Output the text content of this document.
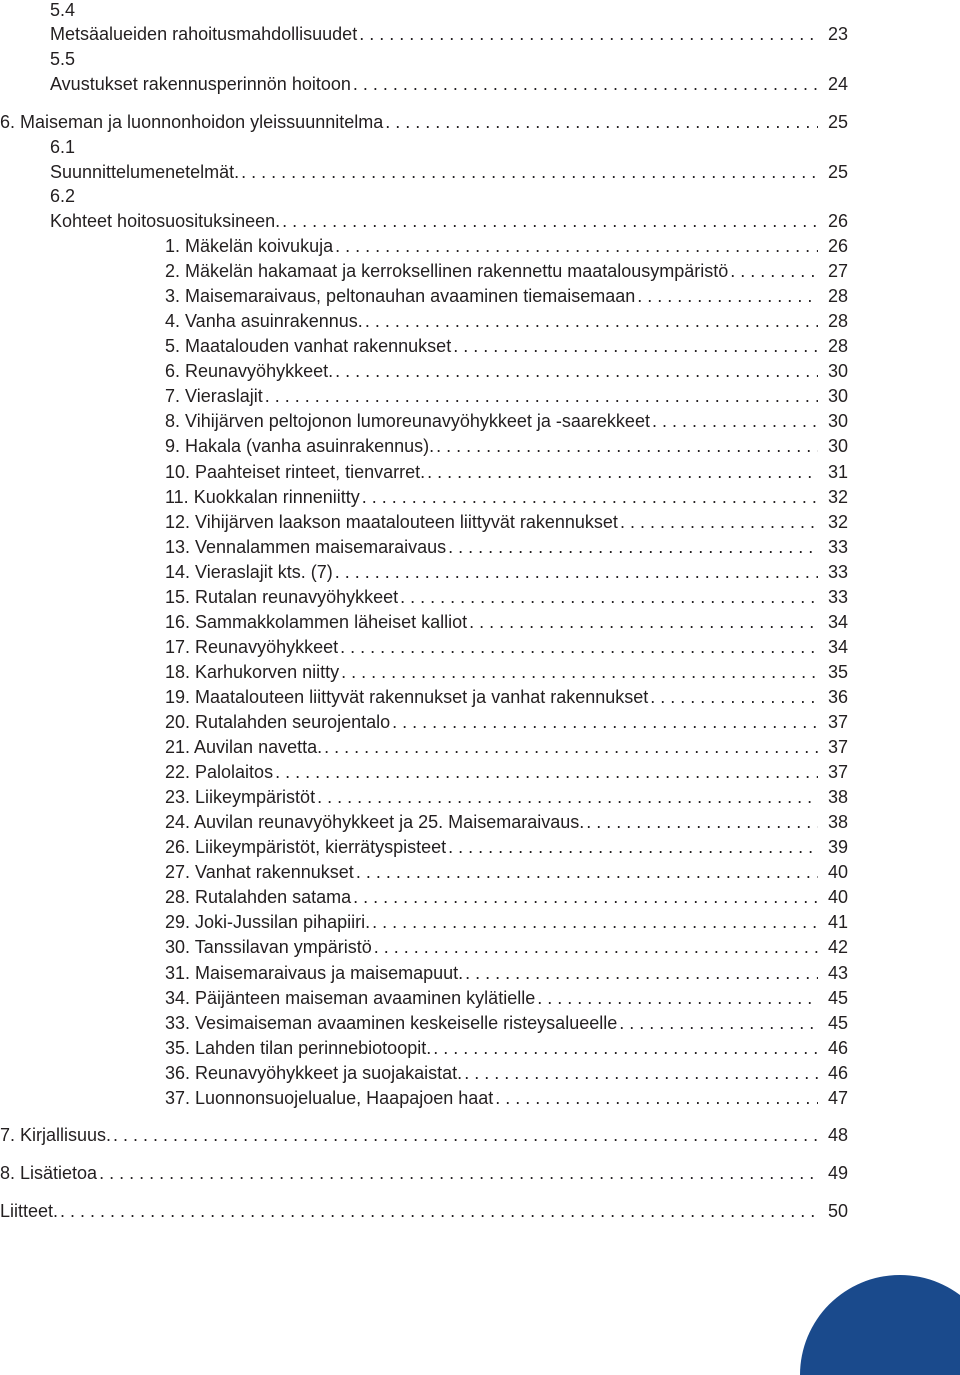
5.4
Metsäalueiden rahoitusmahdollisuudet . . .	23
5.5
Avustukset rakennusperinnön hoitoon . . .	24
6. Maiseman ja luonnonhoidon yleissuunnitelma . . .	25
6.1
Suunnittelumenetelmät. . . .	25
6.2
Kohteet hoitosuosituksineen. . . .	26
1. Mäkelän koivukuja . . .	26
2. Mäkelän hakamaat ja kerroksellinen rakennettu maatalousympäristö . . .	27
3. Maisemaraivaus, peltonauhan avaaminen tiemaisemaan . . .	28
4. Vanha asuinrakennus. . . .	28
5. Maatalouden vanhat rakennukset . . .	28
6. Reunavyöhykkeet. . . .	30
7. Vieraslajit . . .	30
8. Vihijärven peltojonon lumoreunavyöhykkeet ja -saarekkeet . . .	30
9. Hakala (vanha asuinrakennus). . . .	30
10. Paahteiset rinteet, tienvarret. . . .	31
11. Kuokkalan rinneniitty . . .	32
12. Vihijärven laakson maatalouteen liittyvät rakennukset . . .	32
13. Vennalammen maisemaraivaus . . .	33
14. Vieraslajit kts. (7) . . .	33
15. Rutalan reunavyöhykkeet . . .	33
16. Sammakkolammen läheiset kalliot . . .	34
17. Reunavyöhykkeet . . .	34
18. Karhukorven niitty . . .	35
19. Maatalouteen liittyvät rakennukset ja vanhat rakennukset . . .	36
20. Rutalahden seurojentalo . . .	37
21. Auvilan navetta. . . .	37
22. Palolaitos . . .	37
23. Liikeympäristöt . . .	38
24. Auvilan reunavyöhykkeet ja 25. Maisemaraivaus. . . .	38
26. Liikeympäristöt, kierrätyspisteet . . .	39
27. Vanhat rakennukset . . .	40
28. Rutalahden satama . . .	40
29. Joki-Jussilan pihapiiri. . . .	41
30. Tanssilavan ympäristö . . .	42
31. Maisemaraivaus ja maisemapuut. . . .	43
34. Päijänteen maiseman avaaminen kylätielle . . .	45
33. Vesimaiseman avaaminen keskeiselle risteysalueelle . . .	45
35. Lahden tilan perinnebiotoopit. . . .	46
36. Reunavyöhykkeet ja suojakaistat. . . .	46
37. Luonnonsuojelualue, Haapajoen haat . . .	47
7. Kirjallisuus. . . .	48
8. Lisätietoa . . .	49
Liitteet. . . .	50
